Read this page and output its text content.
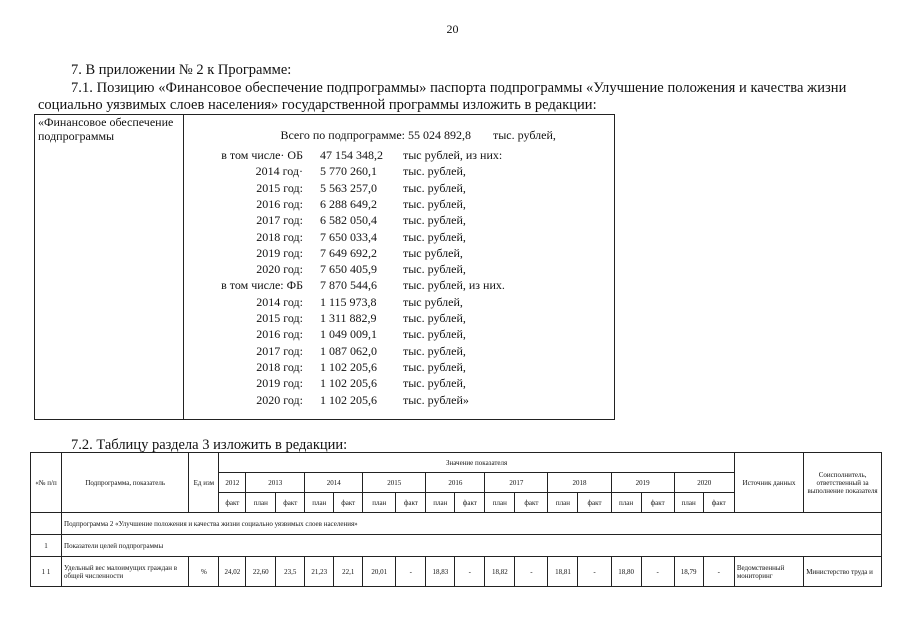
20
7. В приложении № 2 к Программе:
7.1. Позицию «Финансовое обеспечение подпрограммы» паспорта подпрограммы «Улучшение положения и качества жизни
социально уязвимых слоев населения» государственной программы изложить в редакции:
«Финансовое обеспечение подпрограммы	Всего по подпрограмме: 55 024 892,8 тыс. рублей,
в том числе· ОБ 47 154 348,2 тыс рублей, из них:
2014 год· 5 770 260,1 тыс. рублей,
2015 год: 5 563 257,0 тыс. рублей,
2016 год: 6 288 649,2 тыс. рублей,
2017 год: 6 582 050,4 тыс. рублей,
2018 год: 7 650 033,4 тыс. рублей,
2019 год: 7 649 692,2 тыс рублей,
2020 год: 7 650 405,9 тыс. рублей,
в том числе: ФБ 7 870 544,6 тыс. рублей, из них.
2014 год: 1 115 973,8 тыс рублей,
2015 год: 1 311 882,9 тыс. рублей,
2016 год: 1 049 009,1 тыс. рублей,
2017 год: 1 087 062,0 тыс. рублей,
2018 год: 1 102 205,6 тыс. рублей,
2019 год: 1 102 205,6 тыс. рублей,
2020 год: 1 102 205,6 тыс. рублей»
7.2. Таблицу раздела 3 изложить в редакции:
«№ п/п	Подпрограмма, показатель	Ед изм	Значение показателя																	Источник данных	Соисполнитель, ответственный за выполнение показателя
			2012	2013		2014		2015		2016		2017		2018		2019		2020			
			факт	план	факт	план	факт	план	факт	план	факт	план	факт	план	факт	план	факт	план	факт		
	Подпрограмма 2 «Улучшение положения и качества жизни социально уязвимых слоев населения»																				
1	Показатели целей подпрограммы																				
1 1	Удельный вес малоимущих граждан в общей численности	%	24,02	22,60	23,5	21,23	22,1	20,01	-	18,83	-	18,82	-	18,81	-	18,80	-	18,79	-	Ведомственный мониторинг	Министерство труда и
